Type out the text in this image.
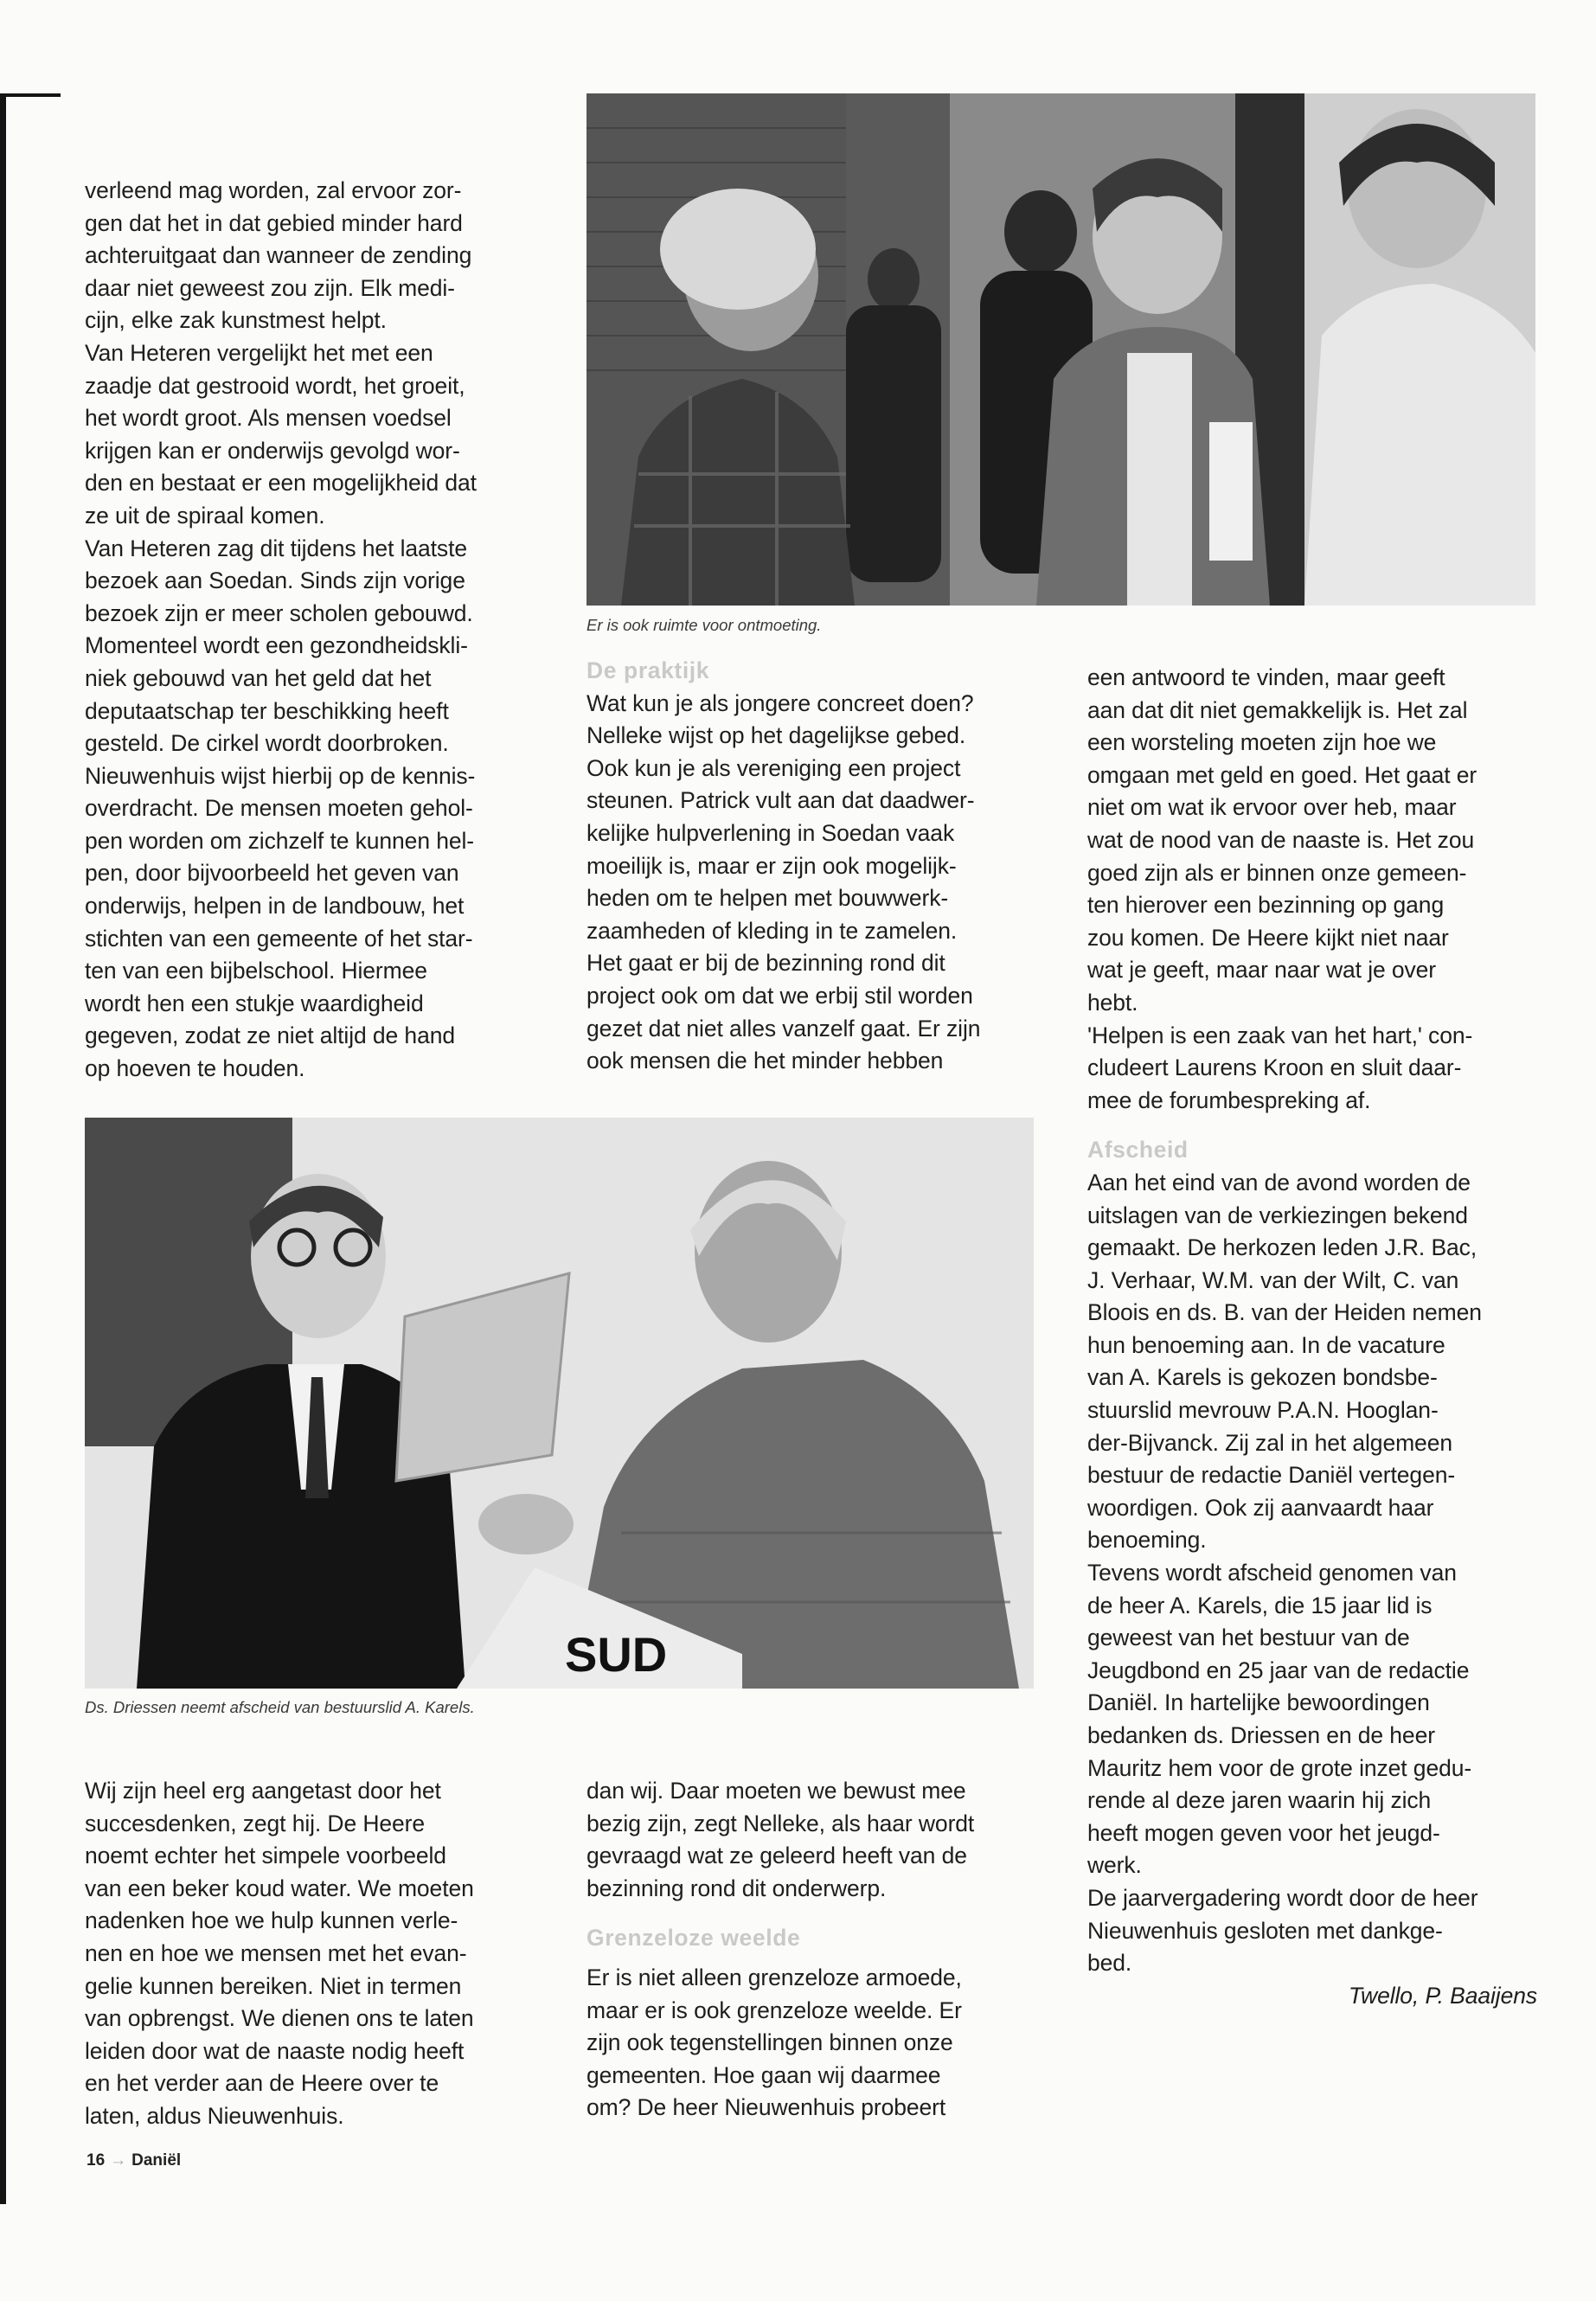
verleend mag worden, zal ervoor zor-

gen dat het in dat gebied minder hard

achteruitgaat dan wanneer de zending

daar niet geweest zou zijn. Elk medi-

cijn, elke zak kunstmest helpt.

Van Heteren vergelijkt het met een

zaadje dat gestrooid wordt, het groeit,

het wordt groot. Als mensen voedsel

krijgen kan er onderwijs gevolgd wor-

den en bestaat er een mogelijkheid dat

ze uit de spiraal komen.

Van Heteren zag dit tijdens het laatste

bezoek aan Soedan. Sinds zijn vorige

bezoek zijn er meer scholen gebouwd.

Momenteel wordt een gezondheidskli-

niek gebouwd van het geld dat het

deputaatschap ter beschikking heeft

gesteld. De cirkel wordt doorbroken.

Nieuwenhuis wijst hierbij op de kennis-

overdracht. De mensen moeten gehol-

pen worden om zichzelf te kunnen hel-

pen, door bijvoorbeeld het geven van

onderwijs, helpen in de landbouw, het

stichten van een gemeente of het star-

ten van een bijbelschool. Hiermee

wordt hen een stukje waardigheid

gegeven, zodat ze niet altijd de hand

op hoeven te houden.

Er is ook ruimte voor ontmoeting.

De praktijk

Wat kun je als jongere concreet doen?

Nelleke wijst op het dagelijkse gebed.

Ook kun je als vereniging een project

steunen. Patrick vult aan dat daadwer-

kelijke hulpverlening in Soedan vaak

moeilijk is, maar er zijn ook mogelijk-

heden om te helpen met bouwwerk-

zaamheden of kleding in te zamelen.

Het gaat er bij de bezinning rond dit

project ook om dat we erbij stil worden

gezet dat niet alles vanzelf gaat. Er zijn

ook mensen die het minder hebben

een antwoord te vinden, maar geeft

aan dat dit niet gemakkelijk is. Het zal

een worsteling moeten zijn hoe we

omgaan met geld en goed. Het gaat er

niet om wat ik ervoor over heb, maar

wat de nood van de naaste is. Het zou

goed zijn als er binnen onze gemeen-

ten hierover een bezinning op gang

zou komen. De Heere kijkt niet naar

wat je geeft, maar naar wat je over

hebt.

'Helpen is een zaak van het hart,' con-

cludeert Laurens Kroon en sluit daar-

mee de forumbespreking af.

Afscheid

Aan het eind van de avond worden de

uitslagen van de verkiezingen bekend

gemaakt. De herkozen leden J.R. Bac,

J. Verhaar, W.M. van der Wilt, C. van

Bloois en ds. B. van der Heiden nemen

hun benoeming aan. In de vacature

van A. Karels is gekozen bondsbe-

stuurslid mevrouw P.A.N. Hooglan-

der-Bijvanck. Zij zal in het algemeen

bestuur de redactie Daniël vertegen-

woordigen. Ook zij aanvaardt haar

benoeming.

Tevens wordt afscheid genomen van

de heer A. Karels, die 15 jaar lid is

geweest van het bestuur van de

Jeugdbond en 25 jaar van de redactie

Daniël. In hartelijke bewoordingen

bedanken ds. Driessen en de heer

Mauritz hem voor de grote inzet gedu-

rende al deze jaren waarin hij zich

heeft mogen geven voor het jeugd-

werk.

De jaarvergadering wordt door de heer

Nieuwenhuis gesloten met dankge-

bed.

Twello, P. Baaijens

SUD
Ds. Driessen neemt afscheid van bestuurslid A. Karels.

Wij zijn heel erg aangetast door het

succesdenken, zegt hij. De Heere

noemt echter het simpele voorbeeld

van een beker koud water. We moeten

nadenken hoe we hulp kunnen verle-

nen en hoe we mensen met het evan-

gelie kunnen bereiken. Niet in termen

van opbrengst. We dienen ons te laten

leiden door wat de naaste nodig heeft

en het verder aan de Heere over te

laten, aldus Nieuwenhuis.

dan wij. Daar moeten we bewust mee

bezig zijn, zegt Nelleke, als haar wordt

gevraagd wat ze geleerd heeft van de

bezinning rond dit onderwerp.

Grenzeloze weelde

Er is niet alleen grenzeloze armoede,

maar er is ook grenzeloze weelde. Er

zijn ook tegenstellingen binnen onze

gemeenten. Hoe gaan wij daarmee

om? De heer Nieuwenhuis probeert

16 → Daniël
